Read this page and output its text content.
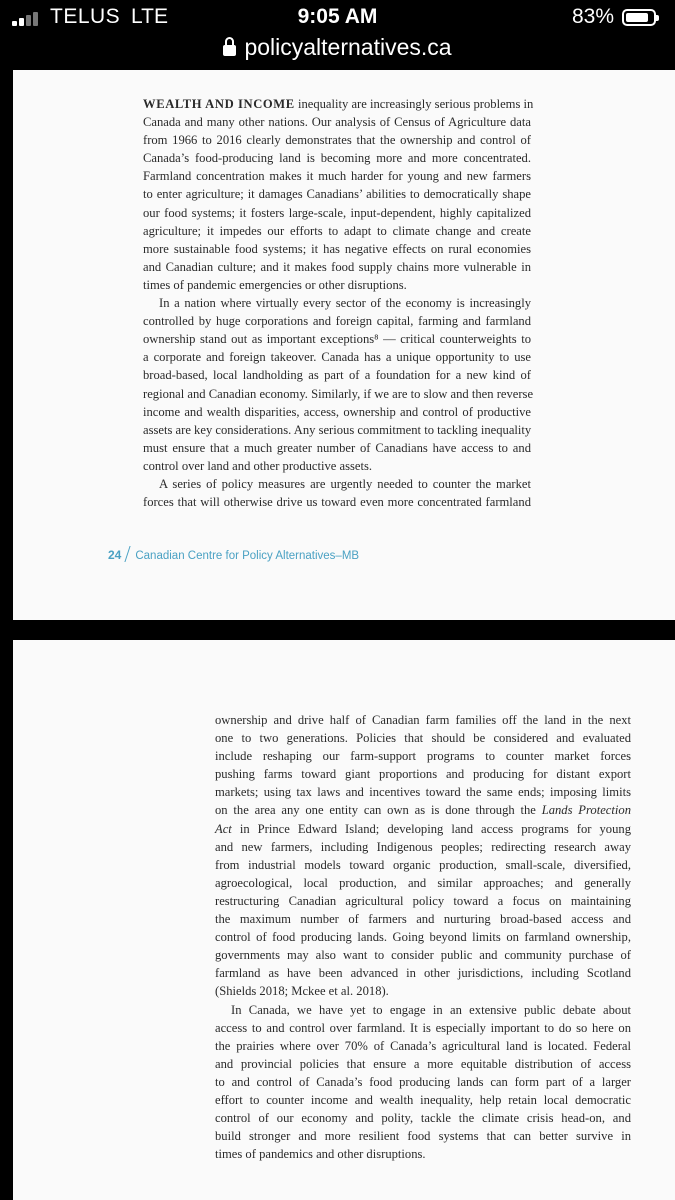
TELUS LTE	9:05 AM	83%
policyalternatives.ca
WEALTH AND INCOME inequality are increasingly serious problems in
Canada and many other nations. Our analysis of Census of Agriculture data
from 1966 to 2016 clearly demonstrates that the ownership and control of
Canada’s food-producing land is becoming more and more concentrated.
Farmland concentration makes it much harder for young and new farmers
to enter agriculture; it damages Canadians’ abilities to democratically shape
our food systems; it fosters large-scale, input-dependent, highly capitalized
agriculture; it impedes our efforts to adapt to climate change and create
more sustainable food systems; it has negative effects on rural economies
and Canadian culture; and it makes food supply chains more vulnerable in
times of pandemic emergencies or other disruptions.
In a nation where virtually every sector of the economy is increasingly
controlled by huge corporations and foreign capital, farming and farmland
ownership stand out as important exceptions⁸ — critical counterweights to
a corporate and foreign takeover. Canada has a unique opportunity to use
broad-based, local landholding as part of a foundation for a new kind of
regional and Canadian economy. Similarly, if we are to slow and then reverse
income and wealth disparities, access, ownership and control of productive
assets are key considerations. Any serious commitment to tackling inequality
must ensure that a much greater number of Canadians have access to and
control over land and other productive assets.
A series of policy measures are urgently needed to counter the market
forces that will otherwise drive us toward even more concentrated farmland
24 Canadian Centre for Policy Alternatives–MB
ownership and drive half of Canadian farm families off the land in the next
one to two generations. Policies that should be considered and evaluated
include reshaping our farm-support programs to counter market forces
pushing farms toward giant proportions and producing for distant export
markets; using tax laws and incentives toward the same ends; imposing limits
on the area any one entity can own as is done through the Lands Protection
Act in Prince Edward Island; developing land access programs for young
and new farmers, including Indigenous peoples; redirecting research away
from industrial models toward organic production, small-scale, diversified,
agroecological, local production, and similar approaches; and generally
restructuring Canadian agricultural policy toward a focus on maintaining
the maximum number of farmers and nurturing broad-based access and
control of food producing lands. Going beyond limits on farmland ownership,
governments may also want to consider public and community purchase of
farmland as have been advanced in other jurisdictions, including Scotland
(Shields 2018; Mckee et al. 2018).
In Canada, we have yet to engage in an extensive public debate about
access to and control over farmland. It is especially important to do so here on
the prairies where over 70% of Canada’s agricultural land is located. Federal
and provincial policies that ensure a more equitable distribution of access
to and control of Canada’s food producing lands can form part of a larger
effort to counter income and wealth inequality, help retain local democratic
control of our economy and polity, tackle the climate crisis head-on, and
build stronger and more resilient food systems that can better survive in
times of pandemics and other disruptions.
